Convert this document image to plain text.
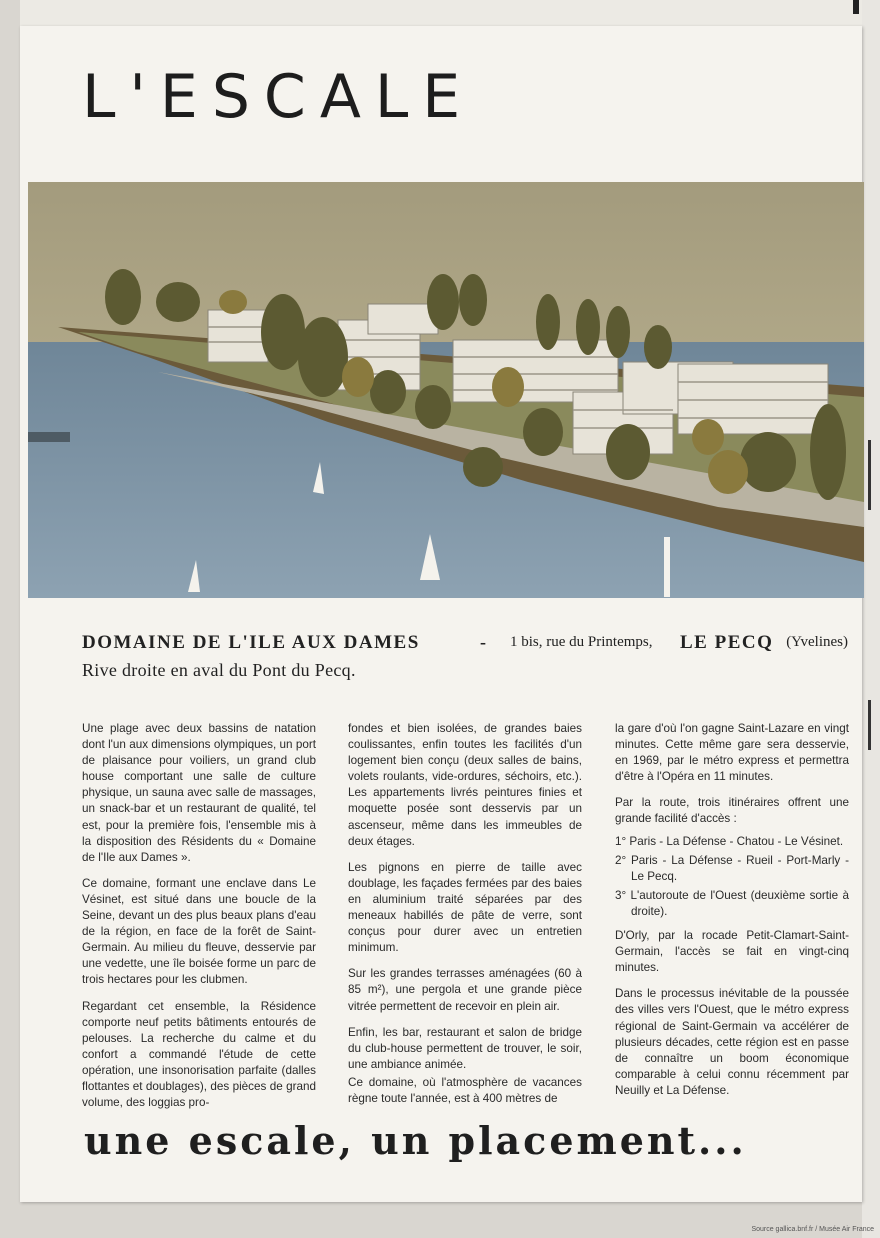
L'ESCALE
DOMAINE DE L'ILE AUX DAMES	- 1 bis, rue du Printemps, LE PECQ (Yvelines)

Rive droite en aval du Pont du Pecq.

Une plage avec deux bassins de natation dont l'un aux dimensions olympiques, un port de plaisance pour voiliers, un grand club house comportant une salle de culture physique, un sauna avec salle de massages, un snack-bar et un restaurant de qualité, tel est, pour la première fois, l'ensemble mis à la disposition des Résidents du « Domaine de l'Ile aux Dames ».

Ce domaine, formant une enclave dans Le Vésinet, est situé dans une boucle de la Seine, devant un des plus beaux plans d'eau de la région, en face de la forêt de Saint-Germain. Au milieu du fleuve, desservie par une vedette, une île boisée forme un parc de trois hectares pour les clubmen.

Regardant cet ensemble, la Résidence comporte neuf petits bâtiments entourés de pelouses. La recherche du calme et du confort a commandé l'étude de cette opération, une insonorisation parfaite (dalles flottantes et doublages), des pièces de grand volume, des loggias pro-

fondes et bien isolées, de grandes baies coulissantes, enfin toutes les facilités d'un logement bien conçu (deux salles de bains, volets roulants, vide-ordures, séchoirs, etc.). Les appartements livrés peintures finies et moquette posée sont desservis par un ascenseur, même dans les immeubles de deux étages.

Les pignons en pierre de taille avec doublage, les façades fermées par des baies en aluminium traité séparées par des meneaux habillés de pâte de verre, sont conçus pour durer avec un entretien minimum.

Sur les grandes terrasses aménagées (60 à 85 m²), une pergola et une grande pièce vitrée permettent de recevoir en plein air.

Enfin, les bar, restaurant et salon de bridge du club-house permettent de trouver, le soir, une ambiance animée.

Ce domaine, où l'atmosphère de vacances règne toute l'année, est à 400 mètres de

la gare d'où l'on gagne Saint-Lazare en vingt minutes. Cette même gare sera desservie, en 1969, par le métro express et permettra d'être à l'Opéra en 11 minutes.

Par la route, trois itinéraires offrent une grande facilité d'accès :

1° Paris - La Défense - Chatou - Le Vésinet.

2° Paris - La Défense - Rueil - Port-Marly - Le Pecq.

3° L'autoroute de l'Ouest (deuxième sortie à droite).

D'Orly, par la rocade Petit-Clamart-Saint-Germain, l'accès se fait en vingt-cinq minutes.

Dans le processus inévitable de la poussée des villes vers l'Ouest, que le métro express régional de Saint-Germain va accélérer de plusieurs décades, cette région est en passe de connaître un boom économique comparable à celui connu récemment par Neuilly et La Défense.

une escale, un placement...

Source gallica.bnf.fr / Musée Air France
